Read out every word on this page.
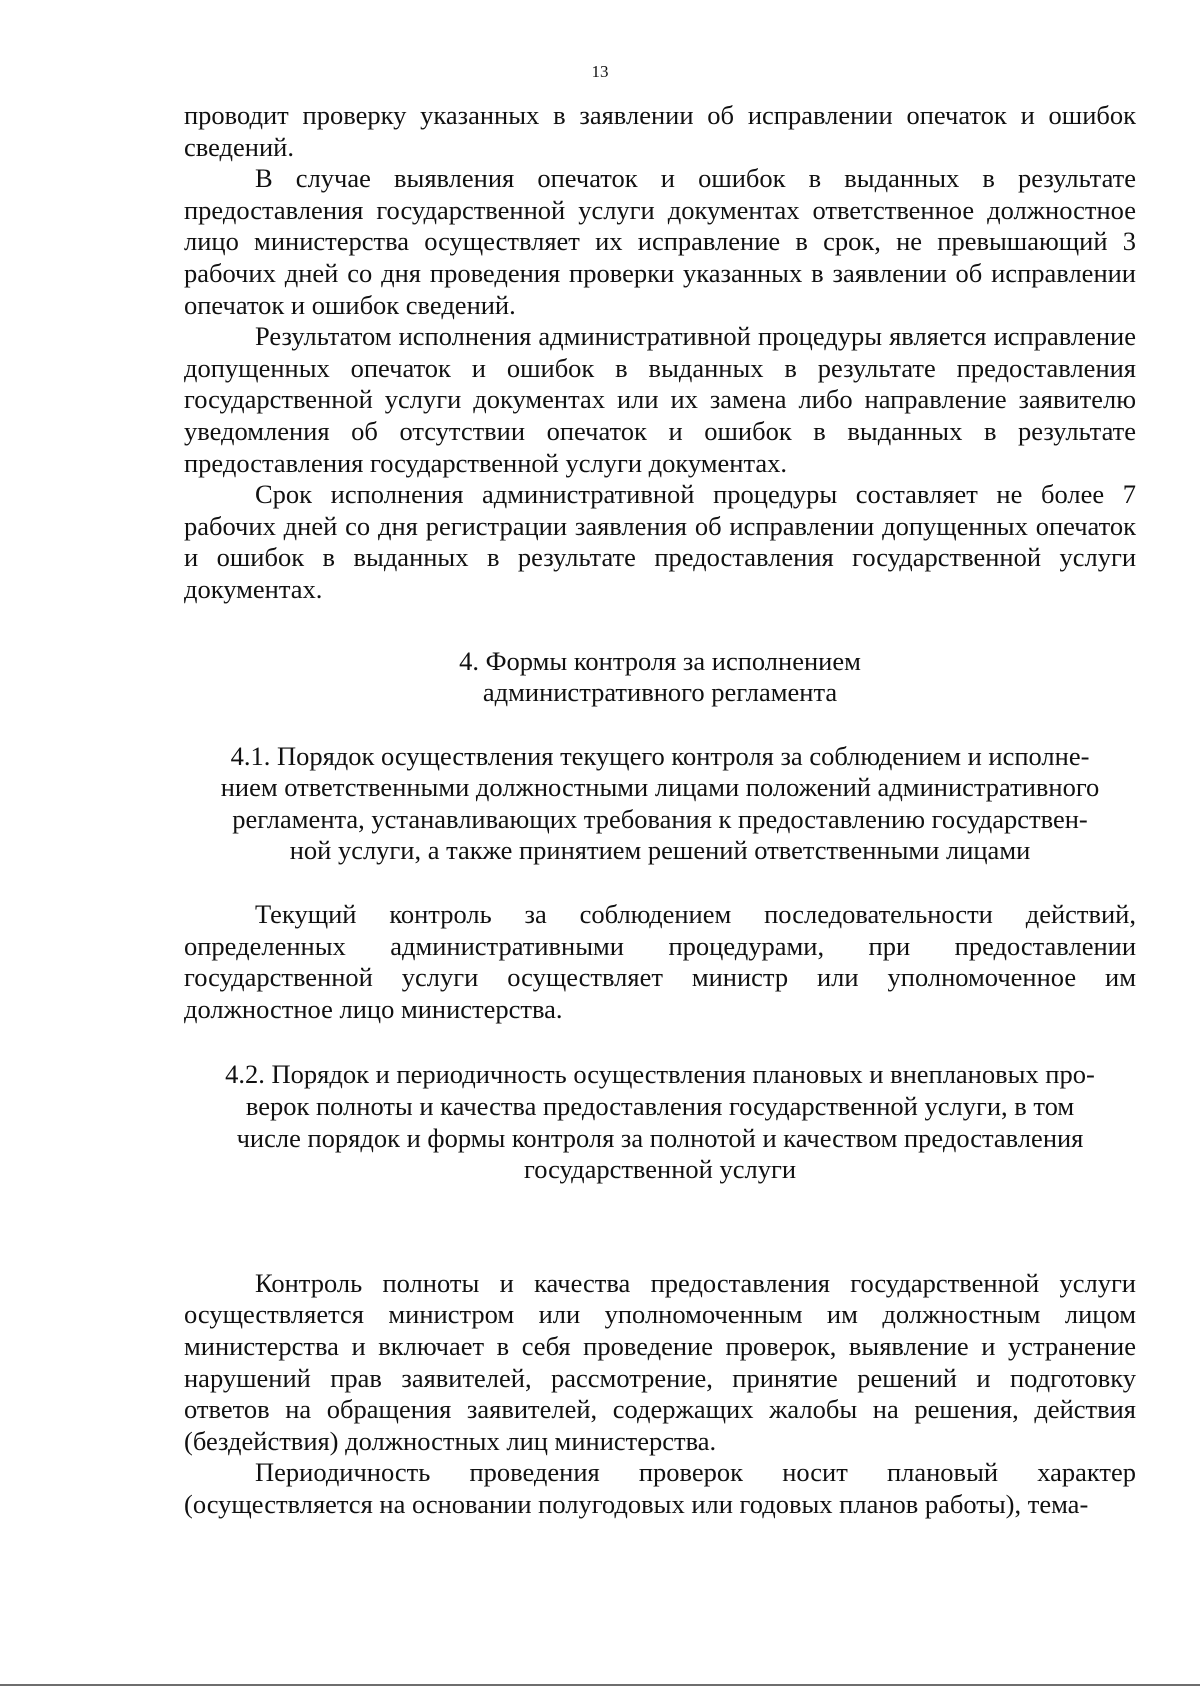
13

проводит проверку указанных в заявлении об исправлении опечаток и ошибок сведений.

В случае выявления опечаток и ошибок в выданных в результате предоставления государственной услуги документах ответственное должностное лицо министерства осуществляет их исправление в срок, не превышающий 3 рабочих дней со дня проведения проверки указанных в заявлении об исправлении опечаток и ошибок сведений.

Результатом исполнения административной процедуры является исправление допущенных опечаток и ошибок в выданных в результате предоставления государственной услуги документах или их замена либо направление заявителю уведомления об отсутствии опечаток и ошибок в выданных в результате предоставления государственной услуги документах.

Срок исполнения административной процедуры составляет не более 7 рабочих дней со дня регистрации заявления об исправлении допущенных опечаток и ошибок в выданных в результате предоставления государственной услуги документах.

4. Формы контроля за исполнением
административного регламента
4.1. Порядок осуществления текущего контроля за соблюдением и исполне-
нием ответственными должностными лицами положений административного
регламента, устанавливающих требования к предоставлению государствен-
ной услуги, а также принятием решений ответственными лицами

Текущий контроль за соблюдением последовательности действий, определенных административными процедурами, при предоставлении государственной услуги осуществляет министр или уполномоченное им должностное лицо министерства.

4.2. Порядок и периодичность осуществления плановых и внеплановых про-
верок полноты и качества предоставления государственной услуги, в том
числе порядок и формы контроля за полнотой и качеством предоставления
государственной услуги

Контроль полноты и качества предоставления государственной услуги осуществляется министром или уполномоченным им должностным лицом министерства и включает в себя проведение проверок, выявление и устранение нарушений прав заявителей, рассмотрение, принятие решений и подготовку ответов на обращения заявителей, содержащих жалобы на решения, действия (бездействия) должностных лиц министерства.

Периодичность проведения проверок носит плановый характер (осуществляется на основании полугодовых или годовых планов работы), тема-
